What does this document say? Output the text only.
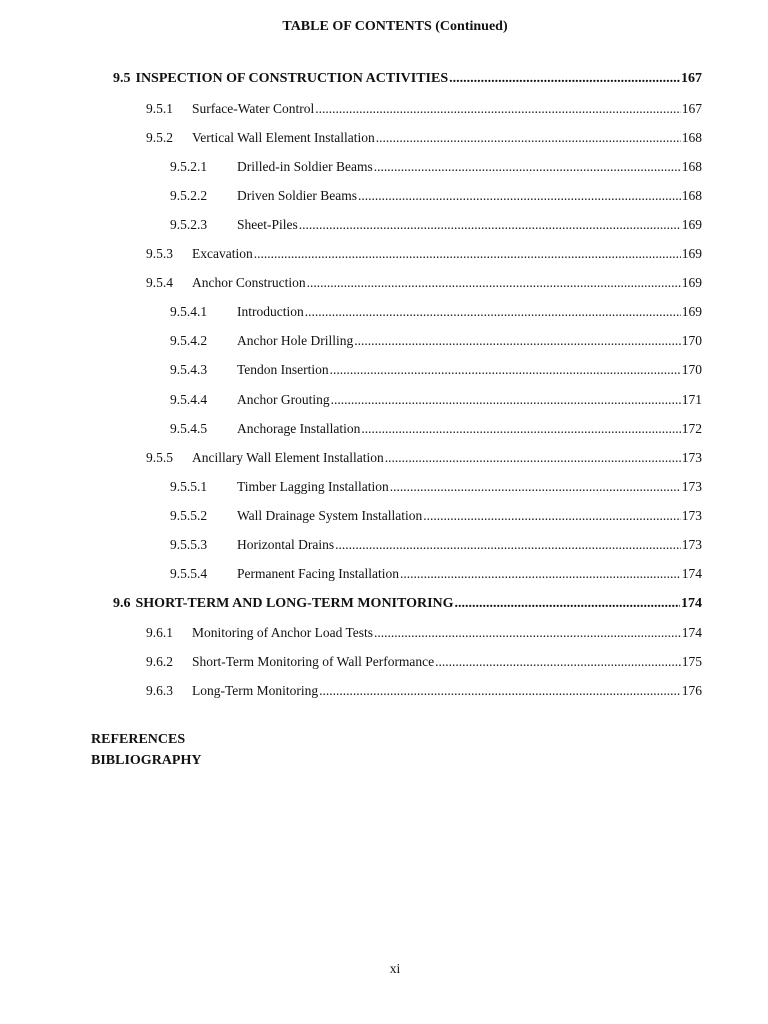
TABLE OF CONTENTS (Continued)
9.5 INSPECTION OF CONSTRUCTION ACTIVITIES .....	167
9.5.1	Surface-Water Control .....	167
9.5.2	Vertical Wall Element Installation .....	168
9.5.2.1	Drilled-in Soldier Beams .....	168
9.5.2.2	Driven Soldier Beams .....	168
9.5.2.3	Sheet-Piles .....	169
9.5.3	Excavation .....	169
9.5.4	Anchor Construction .....	169
9.5.4.1	Introduction .....	169
9.5.4.2	Anchor Hole Drilling .....	170
9.5.4.3	Tendon Insertion .....	170
9.5.4.4	Anchor Grouting .....	171
9.5.4.5	Anchorage Installation .....	172
9.5.5	Ancillary Wall Element Installation .....	173
9.5.5.1	Timber Lagging Installation .....	173
9.5.5.2	Wall Drainage System Installation .....	173
9.5.5.3	Horizontal Drains .....	173
9.5.5.4	Permanent Facing Installation .....	174
9.6 SHORT-TERM AND LONG-TERM MONITORING .....	174
9.6.1	Monitoring of Anchor Load Tests .....	174
9.6.2	Short-Term Monitoring of Wall Performance .....	175
9.6.3	Long-Term Monitoring .....	176
REFERENCES
BIBLIOGRAPHY
xi
